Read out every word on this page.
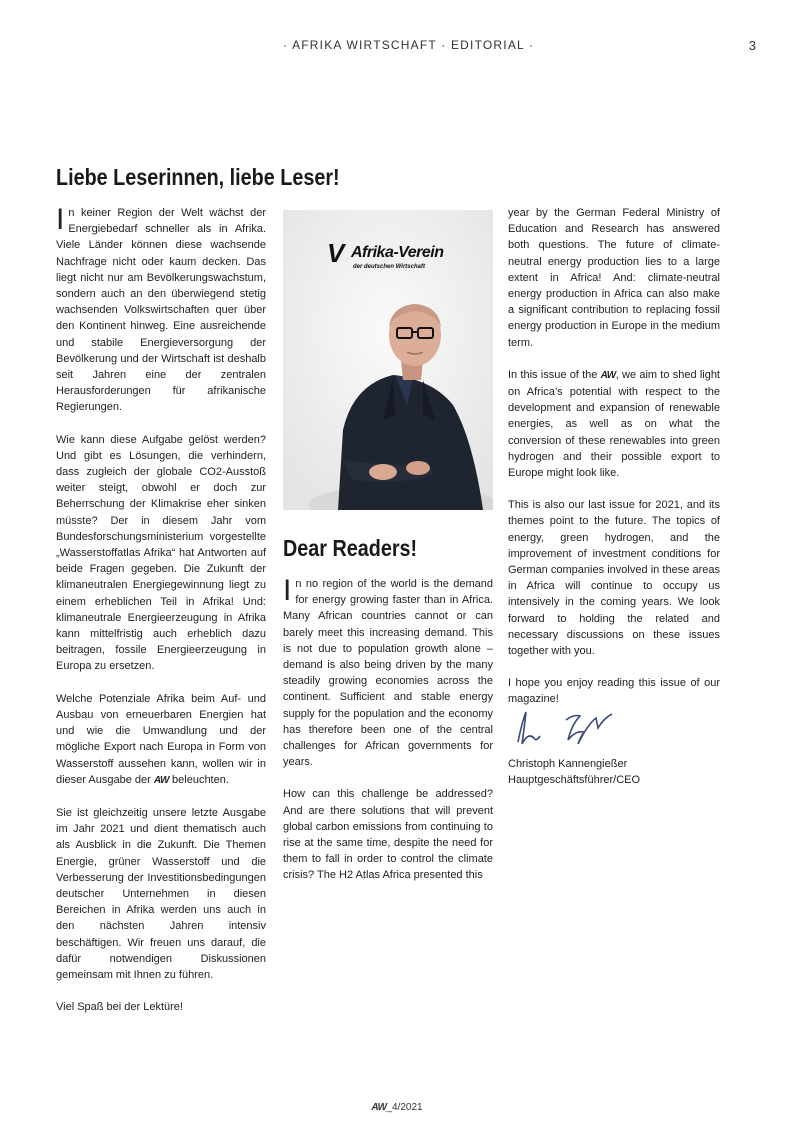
· AFRIKA WIRTSCHAFT · EDITORIAL ·	3
Liebe Leserinnen, liebe Leser!

In keiner Region der Welt wächst der Energiebedarf schneller als in Afrika. Viele Länder können diese wachsende Nachfrage nicht oder kaum decken. Das liegt nicht nur am Bevölkerungswachstum, sondern auch an den überwiegend stetig wachsenden Volkswirtschaften quer über den Kontinent hinweg. Eine ausreichende und stabile Energieversorgung der Bevölkerung und der Wirtschaft ist deshalb seit Jahren eine der zentralen Herausforderungen für afrikanische Regierungen.

Wie kann diese Aufgabe gelöst werden? Und gibt es Lösungen, die verhindern, dass zugleich der globale CO2-Ausstoß weiter steigt, obwohl er doch zur Beherrschung der Klimakrise eher sinken müsste? Der in diesem Jahr vom Bundesforschungsministerium vorgestellte „Wasserstoffatlas Afrika“ hat Antworten auf beide Fragen gegeben. Die Zukunft der klimaneutralen Energiegewinnung liegt zu einem erheblichen Teil in Afrika! Und: klimaneutrale Energieerzeugung in Afrika kann mittelfristig auch erheblich dazu beitragen, fossile Energieerzeugung in Europa zu ersetzen.

Welche Potenziale Afrika beim Auf- und Ausbau von erneuerbaren Energien hat und wie die Umwandlung und der mögliche Export nach Europa in Form von Wasserstoff aussehen kann, wollen wir in dieser Ausgabe der AW beleuchten.

Sie ist gleichzeitig unsere letzte Ausgabe im Jahr 2021 und dient thematisch auch als Ausblick in die Zukunft. Die Themen Energie, grüner Wasserstoff und die Verbesserung der Investitionsbedingungen deutscher Unternehmen in diesen Bereichen in Afrika werden uns auch in den nächsten Jahren intensiv beschäftigen. Wir freuen uns darauf, die dafür notwendigen Diskussionen gemeinsam mit Ihnen zu führen.

Viel Spaß bei der Lektüre!

V Afrika-Verein
der deutschen Wirtschaft
Dear Readers!

In no region of the world is the demand for energy growing faster than in Africa. Many African countries cannot or can barely meet this increasing demand. This is not due to population growth alone – demand is also being driven by the many steadily growing economies across the continent. Sufficient and stable energy supply for the population and the economy has therefore been one of the central challenges for African governments for years.

How can this challenge be addressed? And are there solutions that will prevent global carbon emissions from continuing to rise at the same time, despite the need for them to fall in order to control the climate crisis? The H2 Atlas Africa presented this

year by the German Federal Ministry of Education and Research has answered both questions. The future of climate-neutral energy production lies to a large extent in Africa! And: climate-neutral energy production in Africa can also make a significant contribution to replacing fossil energy production in Europe in the medium term.

In this issue of the AW, we aim to shed light on Africa’s potential with respect to the development and expansion of renewable energies, as well as on what the conversion of these renewables into green hydrogen and their possible export to Europe might look like.

This is also our last issue for 2021, and its themes point to the future. The topics of energy, green hydrogen, and the improvement of investment conditions for German companies involved in these areas in Africa will continue to occupy us intensively in the coming years. We look forward to holding the related and necessary discussions on these issues together with you.

I hope you enjoy reading this issue of our magazine!

Christoph Kannengießer
Hauptgeschäftsführer/CEO
AW_4/2021
